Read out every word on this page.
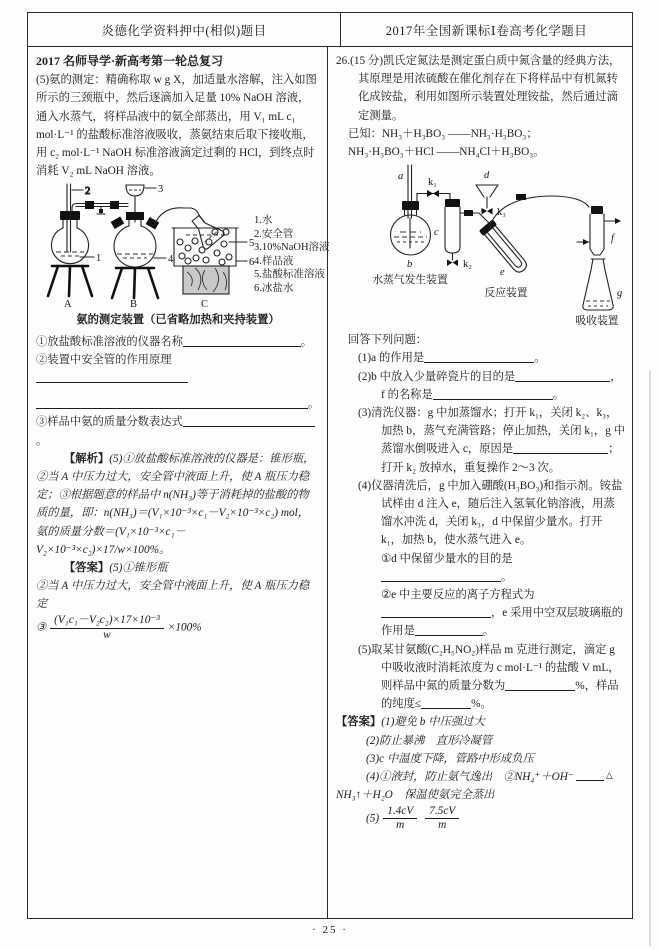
炎德化学资料押中(相似)题目	2017年全国新课标Ⅰ卷高考化学题目

2017 名师导学·新高考第一轮总复习

(5)氨的测定：精确称取 w g X，加适量水溶解，注入如图所示的三颈瓶中，然后逐滴加入足量 10% NaOH 溶液，通入水蒸气，将样品液中的氨全部蒸出，用 V₁ mL c₁ mol·L⁻¹ 的盐酸标准溶液吸收，蒸氨结束后取下接收瓶，用 c₂ mol·L⁻¹ NaOH 标准溶液滴定过剩的 HCl，到终点时消耗 V₂ mL NaOH 溶液。

2
1
A
3
4
B
5
6
C
1.水
2.安全管
3.10%NaOH溶液
4.样品液
5.盐酸标准溶液
6.冰盐水

氨的测定装置（已省略加热和夹持装置）

①放盐酸标准溶液的仪器名称	。

②装置中安全管的作用原理

。

③样品中氨的质量分数表达式。

【解析】(5)①放盐酸标准溶液的仪器是：锥形瓶，②当 A 中压力过大，安全管中液面上升，使 A 瓶压力稳定；③根据题意的样品中 n(NH₃)等于消耗掉的盐酸的物质的量，即：n(NH₃)＝(V₁×10⁻³×c₁－V₂×10⁻³×c₂) mol，氨的质量分数＝(V₁×10⁻³×c₁－V₂×10⁻³×c₂)×17/w×100%。

【答案】(5)①锥形瓶

②当 A 中压力过大，安全管中液面上升，使 A 瓶压力稳定

③ $\frac{\text{(V₁c₁－V₂c₂)×17×10⁻³}}{w} \times 100\%$

26.(15 分)凯氏定氮法是测定蛋白质中氮含量的经典方法，其原理是用浓硫酸在催化剂存在下将样品中有机氮转化成铵盐，利用如图所示装置处理铵盐，然后通过滴定测量。

已知：NH₃＋H₃BO₃ ——NH₃·H₃BO₃；

NH₃·H₃BO₃＋HCl ——NH₄Cl＋H₃BO₃。

a
k₁
b
水蒸气发生装置
c
k₂
d
k₃
e
反应装置
f
g
吸收装置

回答下列问题：

(1)a 的作用是	。

(2)b 中放入少量碎瓷片的目的是	，f 的名称是	。

(3)清洗仪器：g 中加蒸馏水；打开 k₁，关闭 k₂、k₃，加热 b，蒸气充满管路；停止加热，关闭 k₁，g 中蒸馏水倒吸进入 c，原因是	；打开 k₂ 放掉水，重复操作 2～3 次。

(4)仪器清洗后，g 中加入硼酸(H₃BO₃)和指示剂。铵盐试样由 d 注入 e，随后注入氢氧化钠溶液，用蒸馏水冲洗 d，关闭 k₃，d 中保留少量水。打开 k₁，加热 b，使水蒸气进入 e。

①d 中保留少量水的目的是。

②e 中主要反应的离子方程式为，e 采用中空双层玻璃瓶的作用是	。

(5)取某甘氨酸(C₂H₅NO₂)样品 m 克进行测定，滴定 g 中吸收液时消耗浓度为 c mol·L⁻¹ 的盐酸 V mL，则样品中氮的质量分数为	%，样品的纯度≤	%。

【答案】(1)避免 b 中压强过大

(2)防止暴沸　直形冷凝管

(3)c 中温度下降，管路中形成负压

(4)①液封，防止氨气逸出　②NH₄⁺＋OH⁻	△NH₃↑＋H₂O　保温使氨完全蒸出

$(5) \frac{1.4cV}{m} \frac{7.5cV}{m}$

· 25 ·
